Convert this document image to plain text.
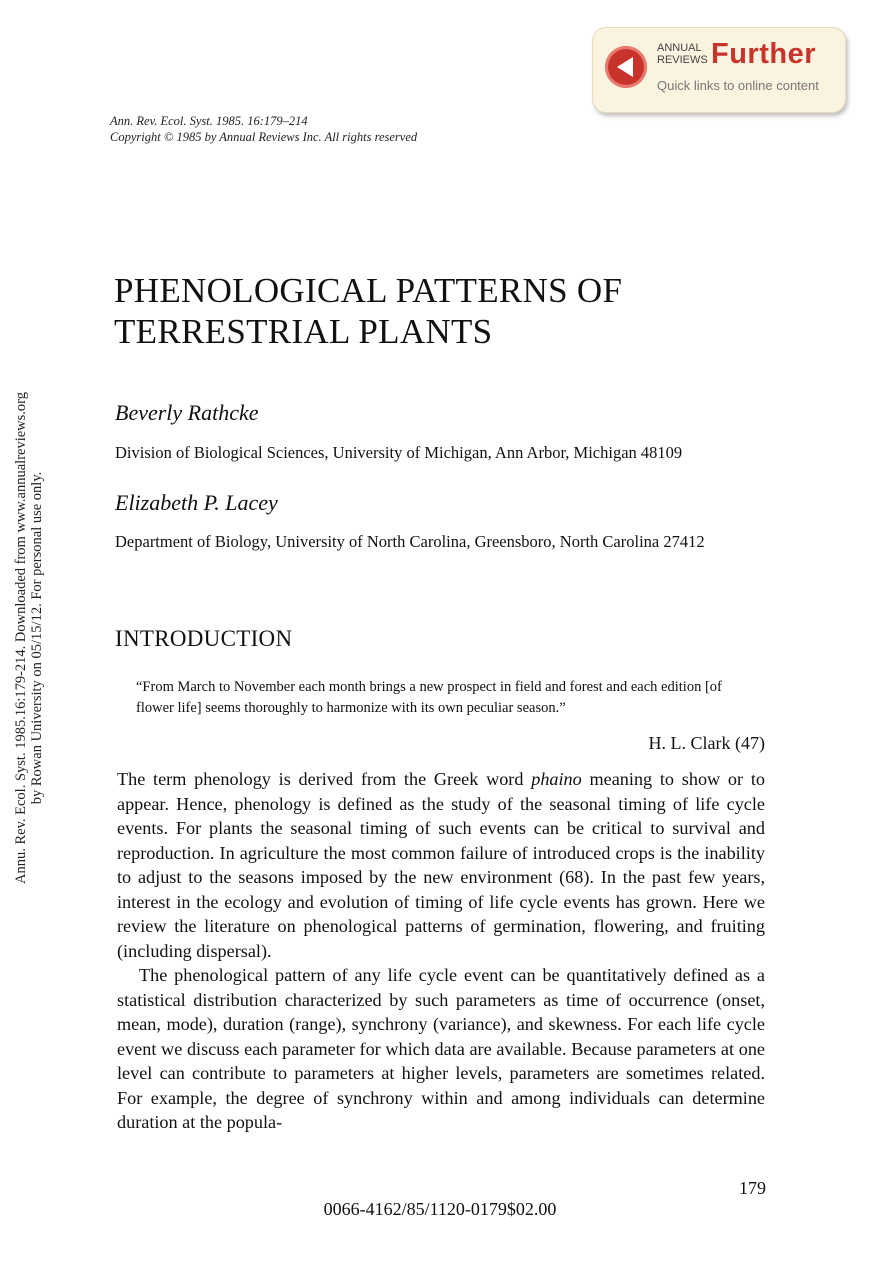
Annu. Rev. Ecol. Syst. 1985.16:179-214. Downloaded from www.annualreviews.org by Rowan University on 05/15/12. For personal use only.
ANNUAL
REVIEWS Further
Quick links to online content
Ann. Rev. Ecol. Syst. 1985. 16:179–214
Copyright © 1985 by Annual Reviews Inc. All rights reserved
PHENOLOGICAL PATTERNS OF
TERRESTRIAL PLANTS
Beverly Rathcke
Division of Biological Sciences, University of Michigan, Ann Arbor, Michigan 48109
Elizabeth P. Lacey
Department of Biology, University of North Carolina, Greensboro, North Carolina 27412
INTRODUCTION
“From March to November each month brings a new prospect in field and forest and each edition [of flower life] seems thoroughly to harmonize with its own peculiar season.”
H. L. Clark (47)

The term phenology is derived from the Greek word phaino meaning to show or to appear. Hence, phenology is defined as the study of the seasonal timing of life cycle events. For plants the seasonal timing of such events can be critical to survival and reproduction. In agriculture the most common failure of introduced crops is the inability to adjust to the seasons imposed by the new environment (68). In the past few years, interest in the ecology and evolution of timing of life cycle events has grown. Here we review the literature on phenological patterns of germination, flowering, and fruiting (including dispersal).

The phenological pattern of any life cycle event can be quantitatively defined as a statistical distribution characterized by such parameters as time of occurrence (onset, mean, mode), duration (range), synchrony (variance), and skewness. For each life cycle event we discuss each parameter for which data are available. Because parameters at one level can contribute to parameters at higher levels, parameters are sometimes related. For example, the degree of synchrony within and among individuals can determine duration at the popula-

179
0066-4162/85/1120-0179$02.00
